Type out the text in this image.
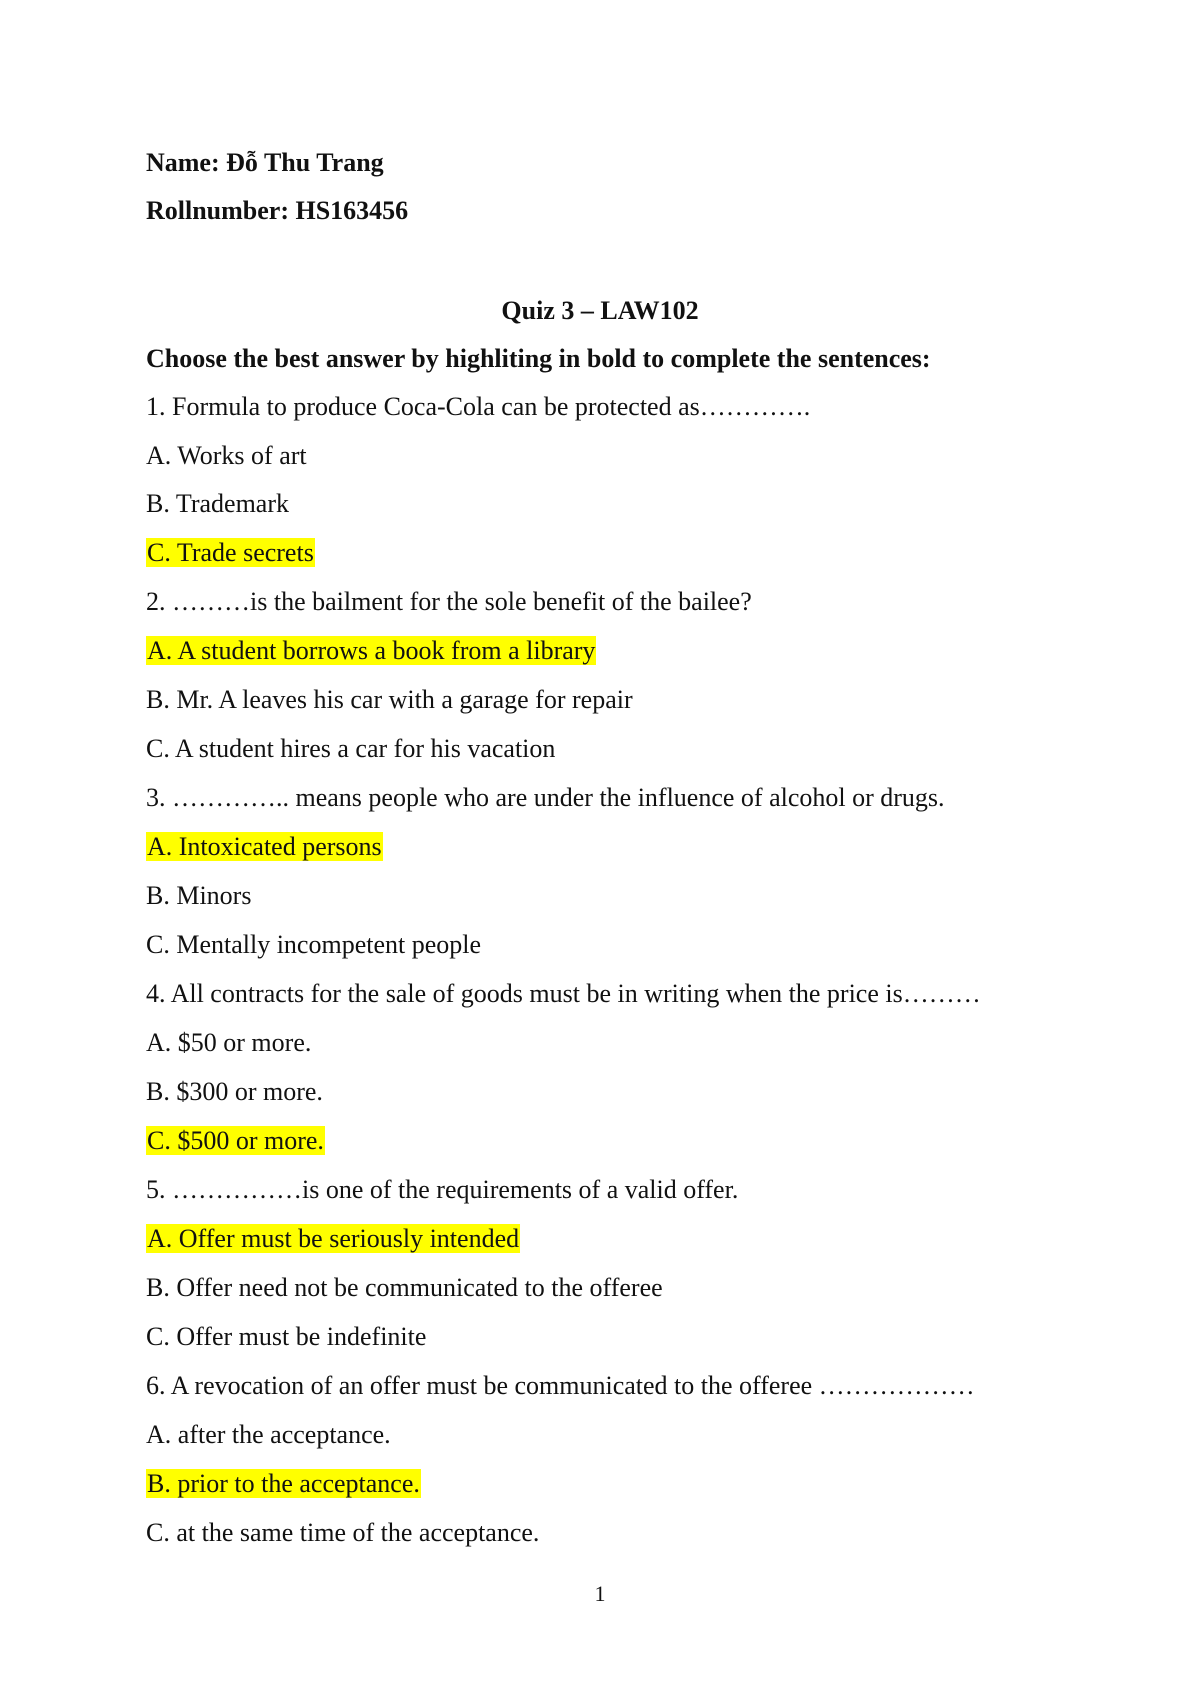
Name: Đỗ Thu Trang
Rollnumber: HS163456
Quiz 3 – LAW102
Choose the best answer by highliting in bold to complete the sentences:
1. Formula to produce Coca-Cola can be protected as………….
A. Works of art
B. Trademark
C. Trade secrets
2. ………is the bailment for the sole benefit of the bailee?
A. A student borrows a book from a library
B. Mr. A leaves his car with a garage for repair
C. A student hires a car for his vacation
3. ………….. means people who are under the influence of alcohol or drugs.
A. Intoxicated persons
B. Minors
C. Mentally incompetent people
4. All contracts for the sale of goods must be in writing when the price is………
A. $50 or more.
B. $300 or more.
C. $500 or more.
5. ……………is one of the requirements of a valid offer.
A. Offer must be seriously intended
B. Offer need not be communicated to the offeree
C. Offer must be indefinite
6. A revocation of an offer must be communicated to the offeree ………………
A. after the acceptance.
B. prior to the acceptance.
C. at the same time of the acceptance.
1
